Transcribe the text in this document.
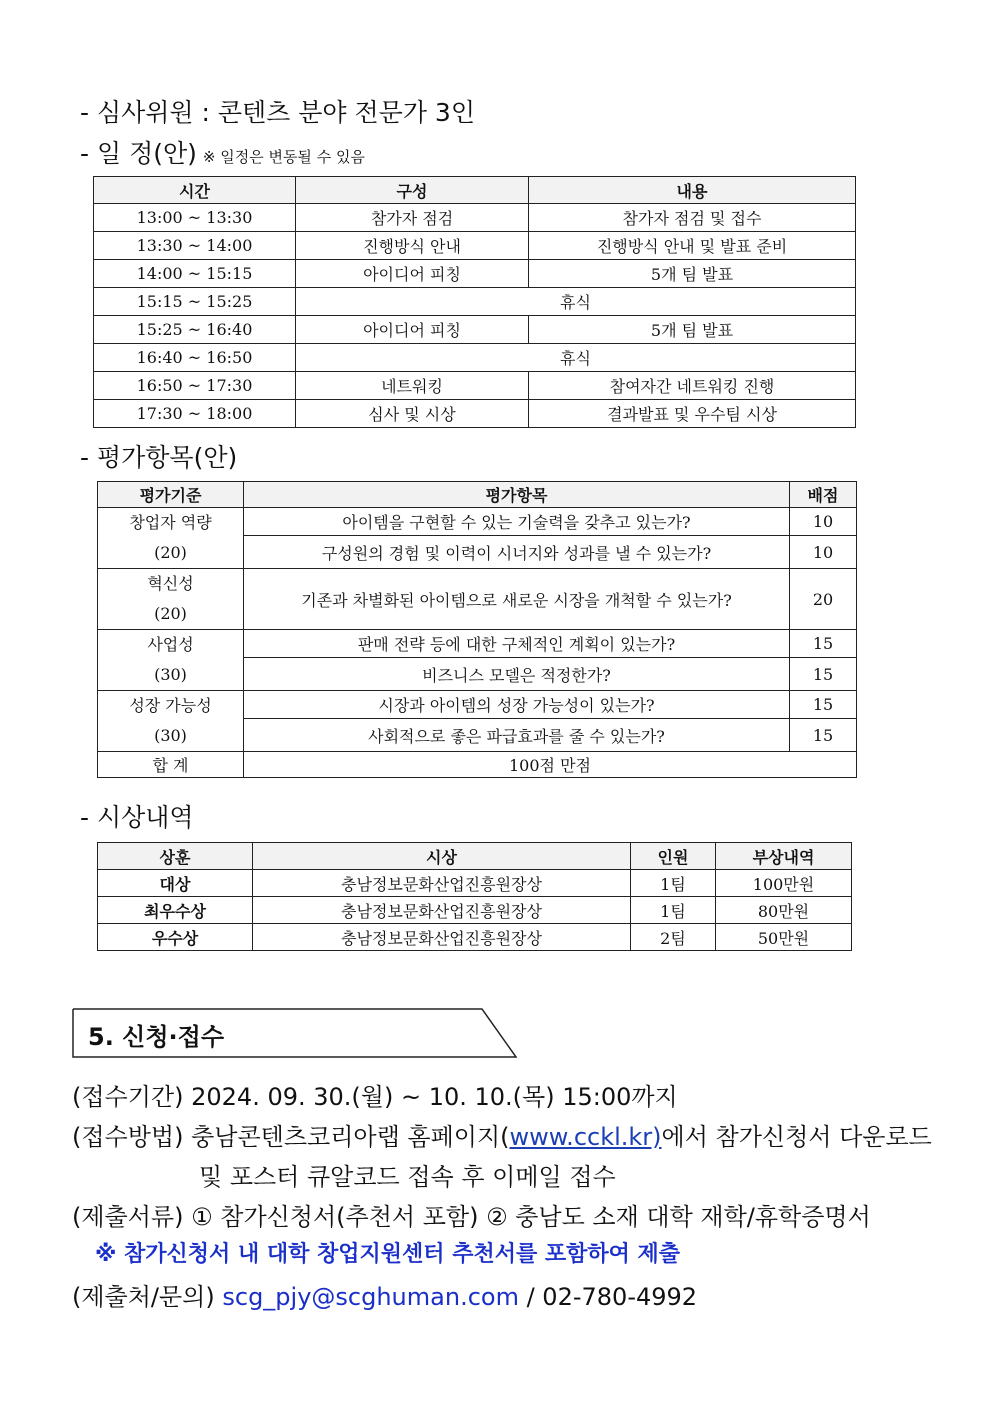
- 심사위원 : 콘텐츠 분야 전문가 3인
- 일 정(안) ※ 일정은 변동될 수 있음
시간	구성	내용
13:00 ~ 13:30	참가자 점검	참가자 점검 및 접수
13:30 ~ 14:00	진행방식 안내	진행방식 안내 및 발표 준비
14:00 ~ 15:15	아이디어 피칭	5개 팀 발표
15:15 ~ 15:25	휴식	
15:25 ~ 16:40	아이디어 피칭	5개 팀 발표
16:40 ~ 16:50	휴식	
16:50 ~ 17:30	네트워킹	참여자간 네트워킹 진행
17:30 ~ 18:00	심사 및 시상	결과발표 및 우수팀 시상
- 평가항목(안)
평가기준	평가항목	배점

창업자 역량
(20)	아이템을 구현할 수 있는 기술력을 갖추고 있는가?	10
	구성원의 경험 및 이력이 시너지와 성과를 낼 수 있는가?	10

혁신성
(20)	기존과 차별화된 아이템으로 새로운 시장을 개척할 수 있는가?	20

사업성
(30)	판매 전략 등에 대한 구체적인 계획이 있는가?	15
	비즈니스 모델은 적정한가?	15

성장 가능성
(30)	시장과 아이템의 성장 가능성이 있는가?	15
	사회적으로 좋은 파급효과를 줄 수 있는가?	15
합 계	100점 만점	
- 시상내역
상훈	시상	인원	부상내역
대상	충남정보문화산업진흥원장상	1팀	100만원
최우수상	충남정보문화산업진흥원장상	1팀	80만원
우수상	충남정보문화산업진흥원장상	2팀	50만원
5. 신청·접수
(접수기간) 2024. 09. 30.(월) ~ 10. 10.(목) 15:00까지
(접수방법) 충남콘텐츠코리아랩 홈페이지(www.cckl.kr)에서 참가신청서 다운로드
및 포스터 큐알코드 접속 후 이메일 접수
(제출서류) ① 참가신청서(추천서 포함) ② 충남도 소재 대학 재학/휴학증명서
※ 참가신청서 내 대학 창업지원센터 추천서를 포함하여 제출
(제출처/문의) scg_pjy@scghuman.com / 02-780-4992
